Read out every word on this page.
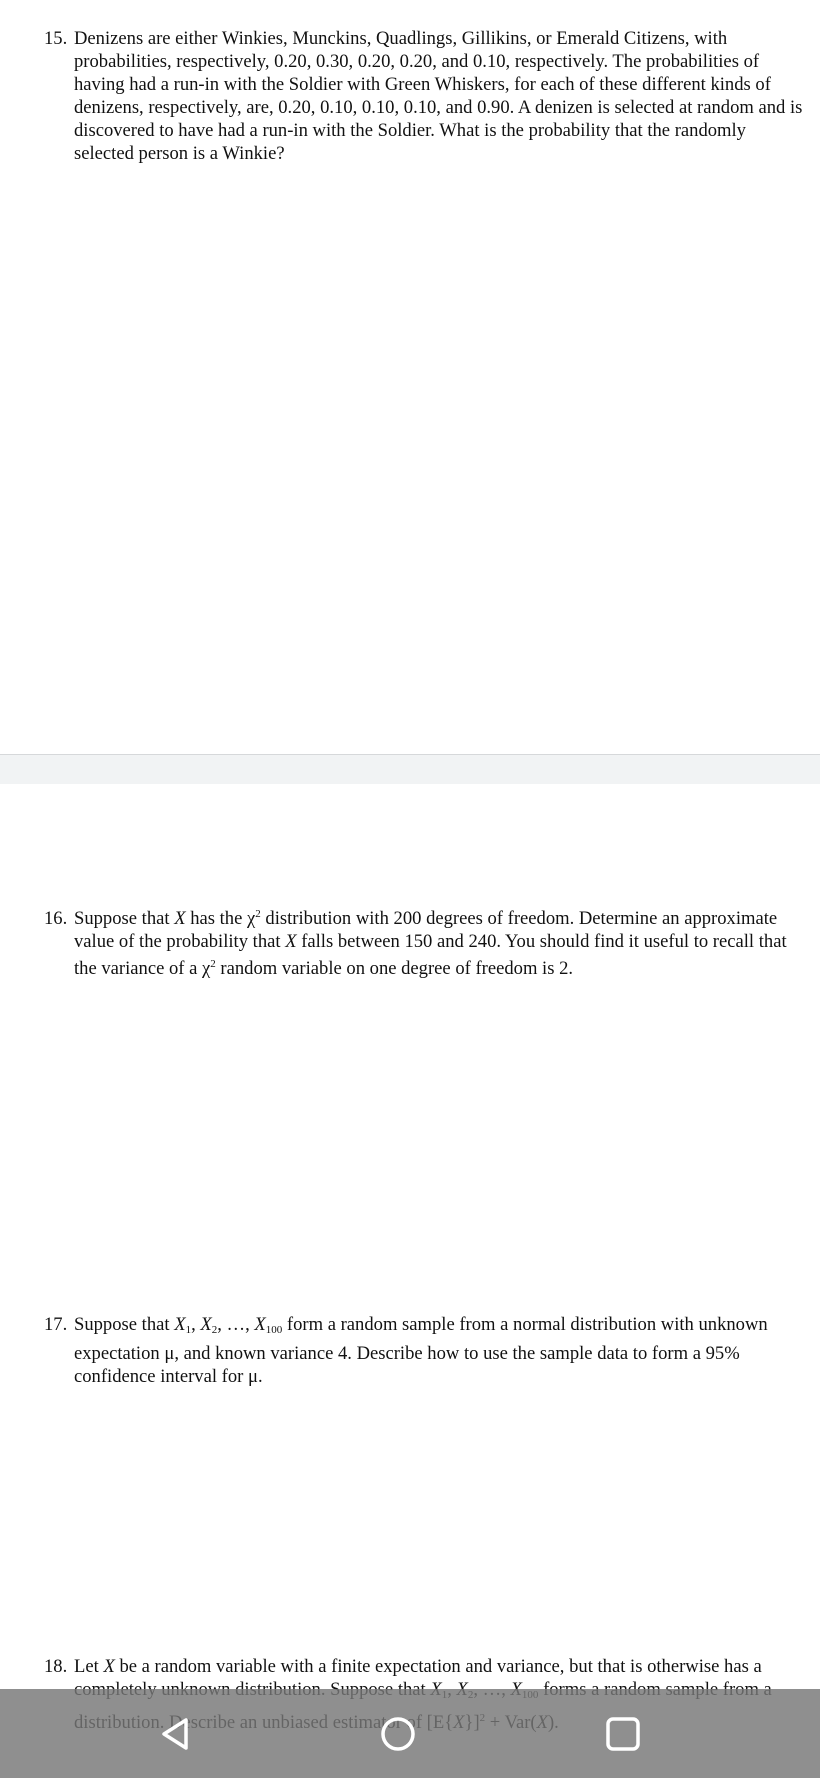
15. Denizens are either Winkies, Munckins, Quadlings, Gillikins, or Emerald Citizens, with probabilities, respectively, 0.20, 0.30, 0.20, 0.20, and 0.10, respectively. The probabilities of having had a run-in with the Soldier with Green Whiskers, for each of these different kinds of denizens, respectively, are, 0.20, 0.10, 0.10, 0.10, and 0.90. A denizen is selected at random and is discovered to have had a run-in with the Soldier. What is the probability that the randomly selected person is a Winkie?

16. Suppose that X has the $\chi^2$ distribution with 200 degrees of freedom. Determine an approximate value of the probability that X falls between 150 and 240. You should find it useful to recall that the variance of a $\chi^2$ random variable on one degree of freedom is 2.

17. Suppose that $X_1$, $X_2$, …, $X_{100}$ form a random sample from a normal distribution with unknown expectation μ, and known variance 4. Describe how to use the sample data to form a 95% confidence interval for μ.

18. Let X be a random variable with a finite expectation and variance, but that is otherwise has a
